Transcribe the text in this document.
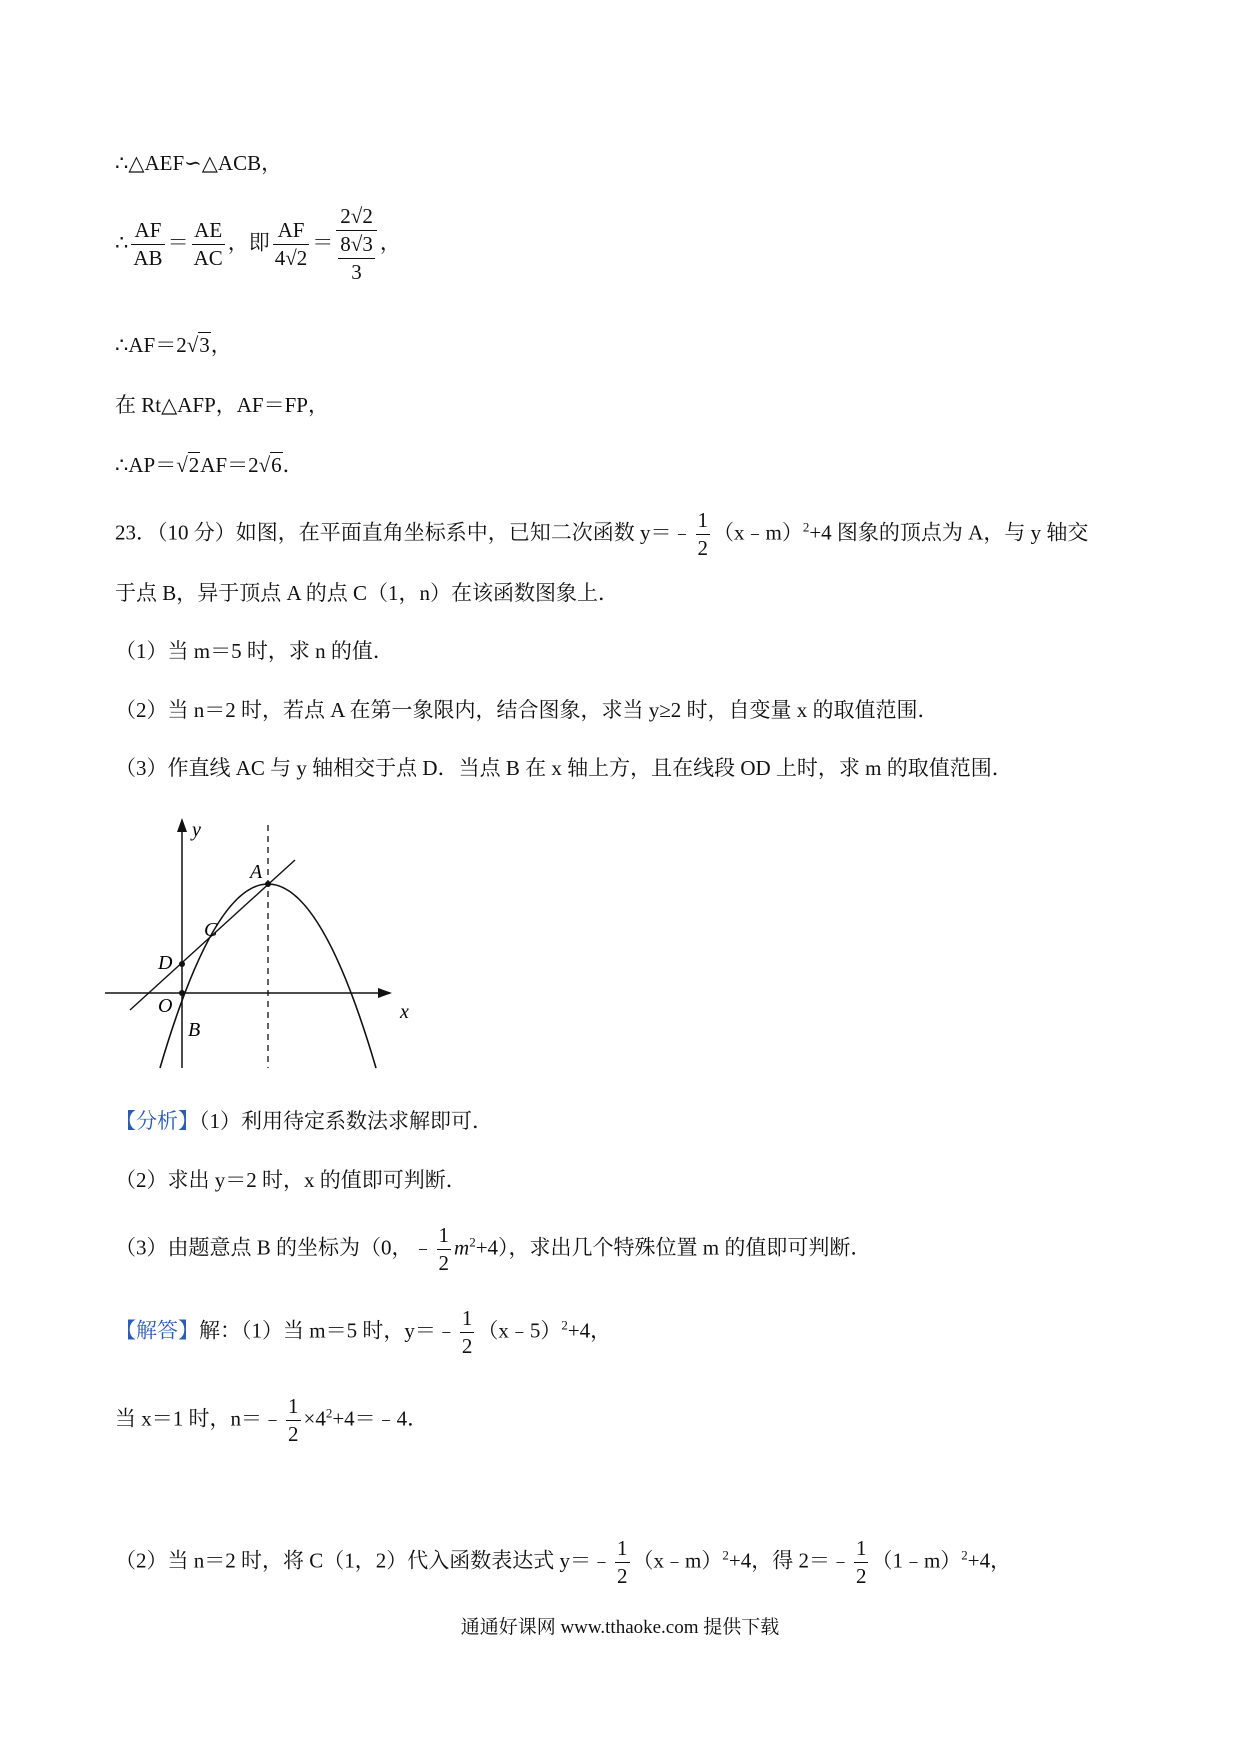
∴△AEF∽△ACB，
∴ $\frac{AF}{AB} = \frac{AE}{AC}$ ，即 $\frac{AF}{4√2} = \frac{2√2}{\frac{8√3}{3}}$ ，
∴AF＝2√3，
在 Rt△AFP，AF＝FP，
∴AP＝√2AF＝2√6．
23．（10 分）如图，在平面直角坐标系中，已知二次函数 y＝﹣ $\frac{1}{2}$ （x﹣m）$^2$+4 图象的顶点为 A，与 y 轴交
于点 B，异于顶点 A 的点 C（1，n）在该函数图象上．
（1）当 m＝5 时，求 n 的值．
（2）当 n＝2 时，若点 A 在第一象限内，结合图象，求当 y≥2 时，自变量 x 的取值范围．
（3）作直线 AC 与 y 轴相交于点 D．当点 B 在 x 轴上方，且在线段 OD 上时，求 m 的取值范围．
y
x
A
C
D
O
B
【分析】（1）利用待定系数法求解即可．
（2）求出 y＝2 时，x 的值即可判断．
（3）由题意点 B 的坐标为（0，﹣ $\frac{1}{2} m^2+4$），求出几个特殊位置 m 的值即可判断．
【解答】解：（1）当 m＝5 时，y＝﹣ $\frac{1}{2}$ （x﹣5）$^2$+4，
当 x＝1 时，n＝﹣ $\frac{1}{2}$ $\times 4^2+4=﹣4$．
（2）当 n＝2 时，将 C（1，2）代入函数表达式 y＝﹣ $\frac{1}{2}$ （x﹣m）$^2$+4，得 2＝﹣ $\frac{1}{2}$ （1﹣m）$^2$+4，
通通好课网 www.tthaoke.com 提供下载
